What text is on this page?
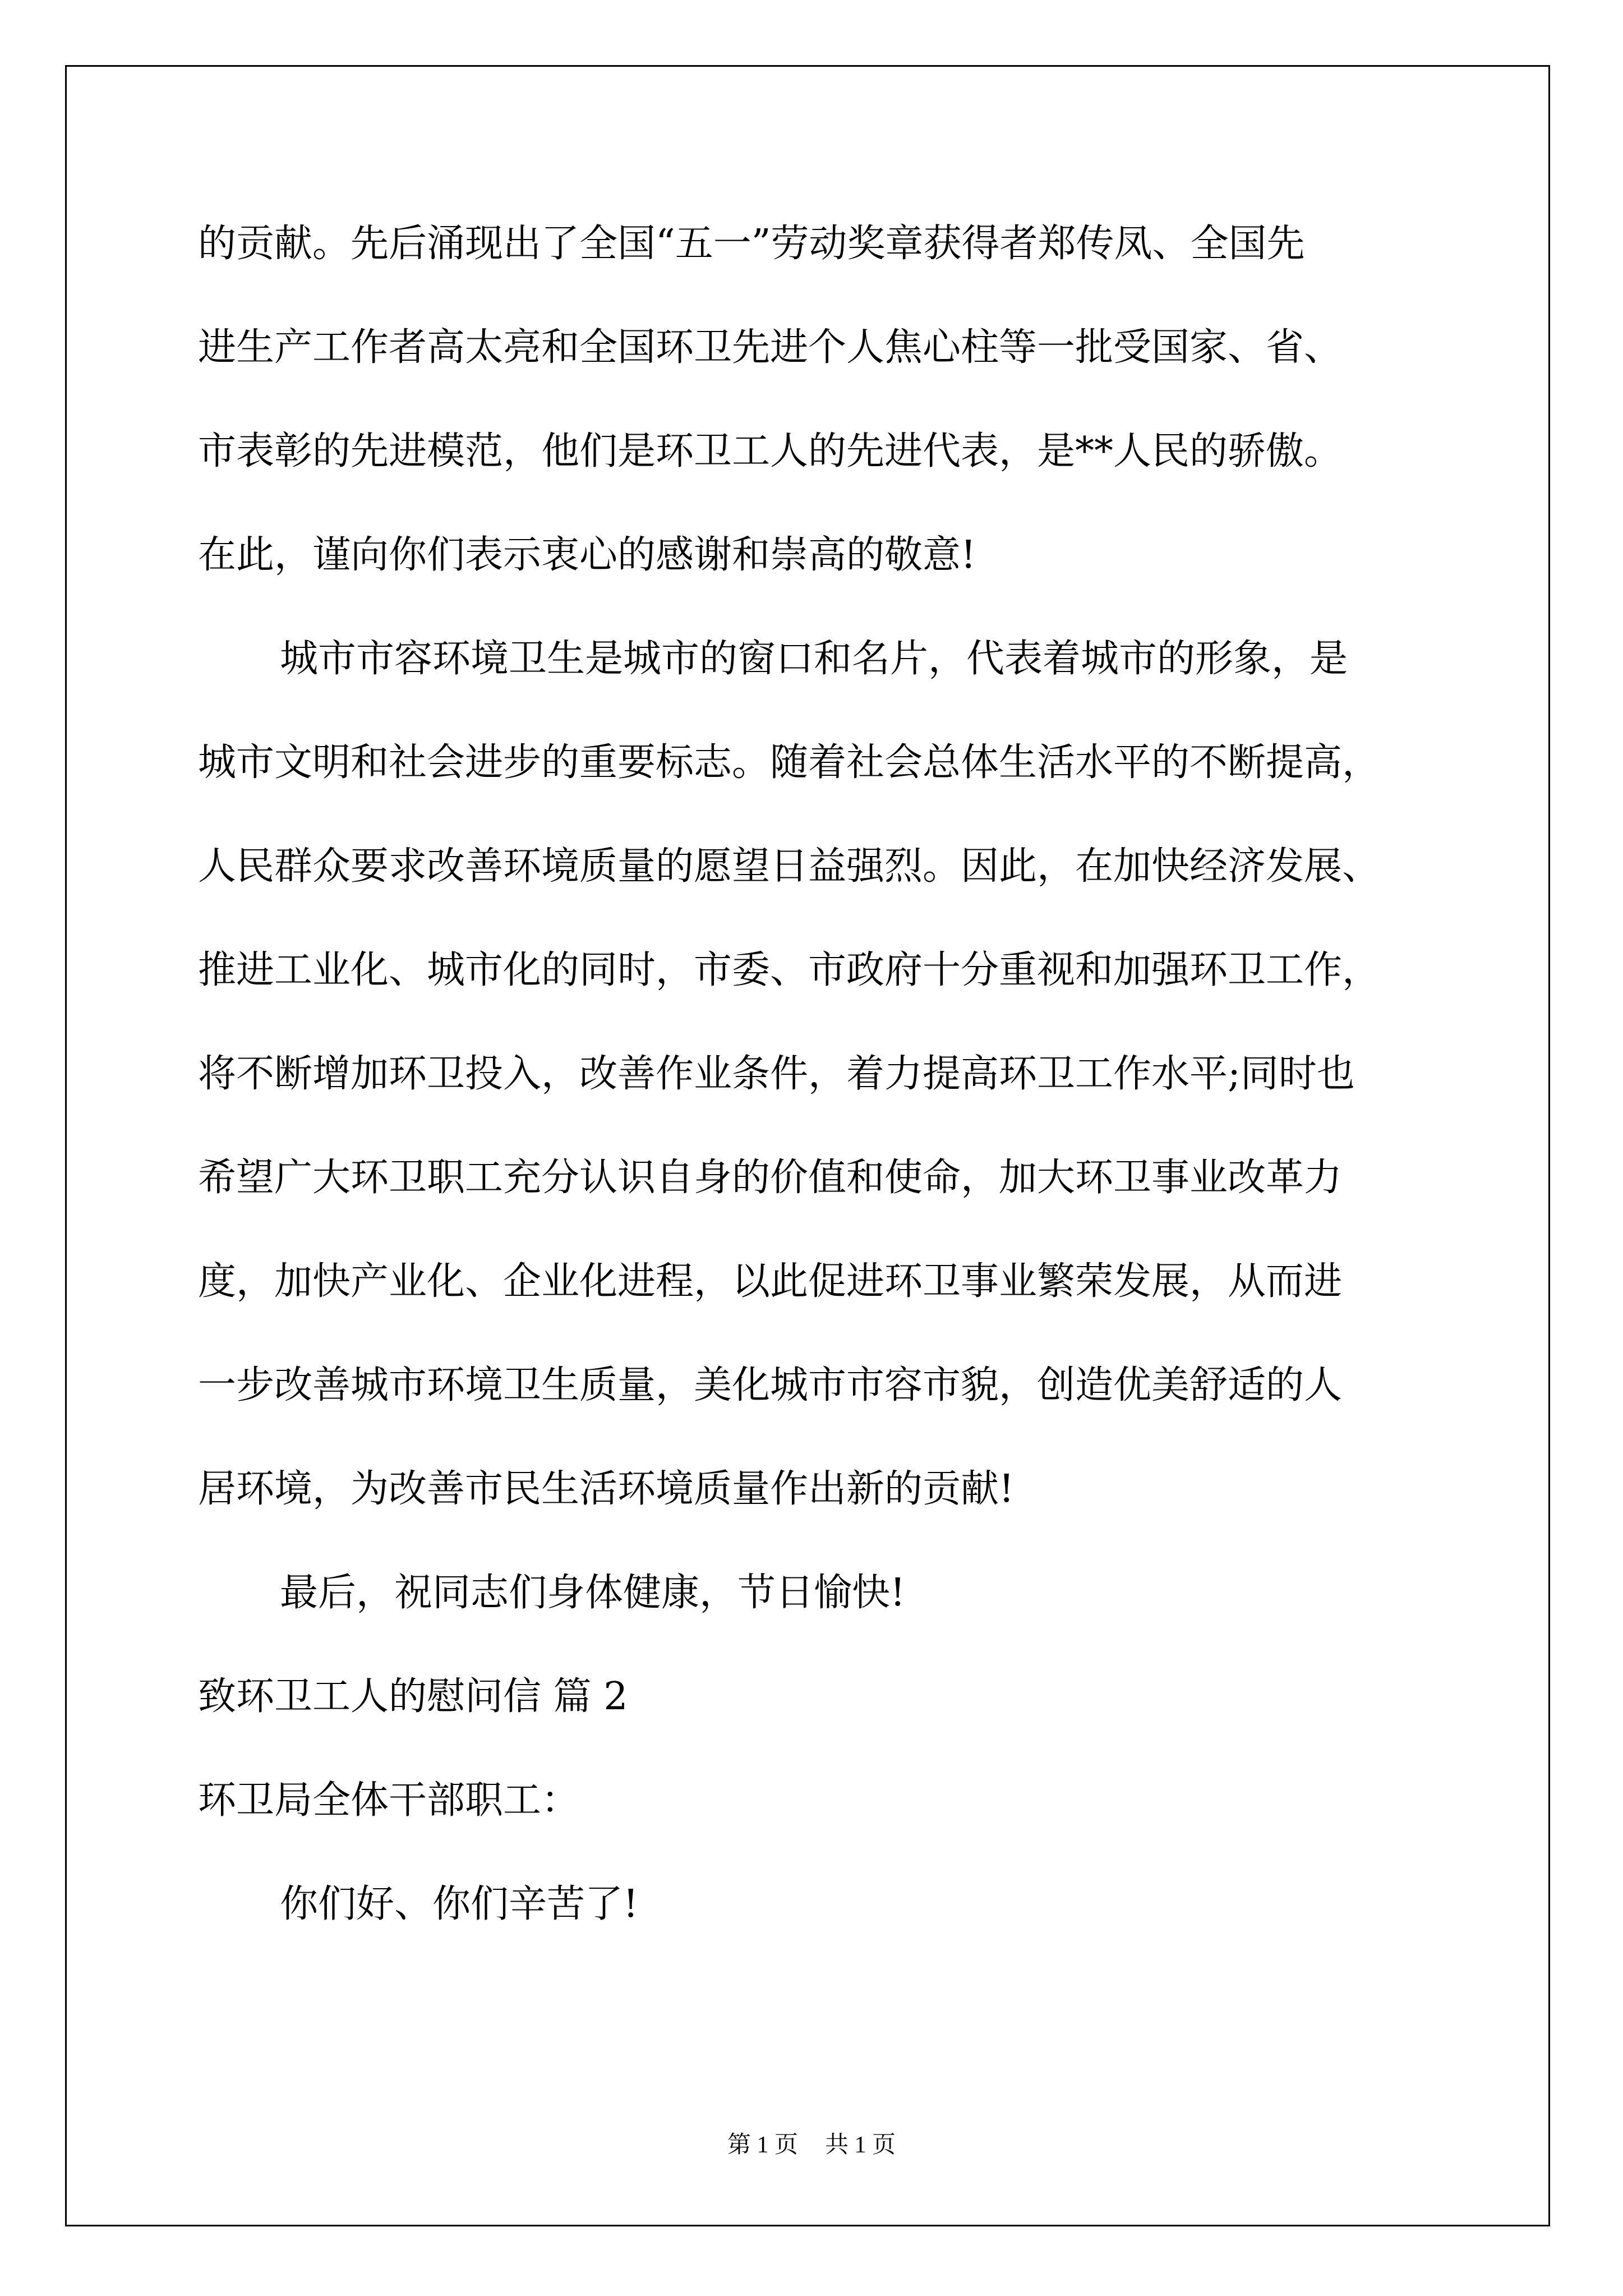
的贡献。先后涌现出了全国“五一”劳动奖章获得者郑传凤、全国先
进生产工作者高太亮和全国环卫先进个人焦心柱等一批受国家、省、
市表彰的先进模范，他们是环卫工人的先进代表，是**人民的骄傲。
在此，谨向你们表示衷心的感谢和崇高的敬意!
城市市容环境卫生是城市的窗口和名片，代表着城市的形象，是
城市文明和社会进步的重要标志。随着社会总体生活水平的不断提高，
人民群众要求改善环境质量的愿望日益强烈。因此，在加快经济发展、
推进工业化、城市化的同时，市委、市政府十分重视和加强环卫工作，
将不断增加环卫投入，改善作业条件，着力提高环卫工作水平;同时也
希望广大环卫职工充分认识自身的价值和使命，加大环卫事业改革力
度，加快产业化、企业化进程，以此促进环卫事业繁荣发展，从而进
一步改善城市环境卫生质量，美化城市市容市貌，创造优美舒适的人
居环境，为改善市民生活环境质量作出新的贡献!
最后，祝同志们身体健康，节日愉快!
致环卫工人的慰问信 篇 2
环卫局全体干部职工：
你们好、你们辛苦了!
第 1 页 共 1 页
